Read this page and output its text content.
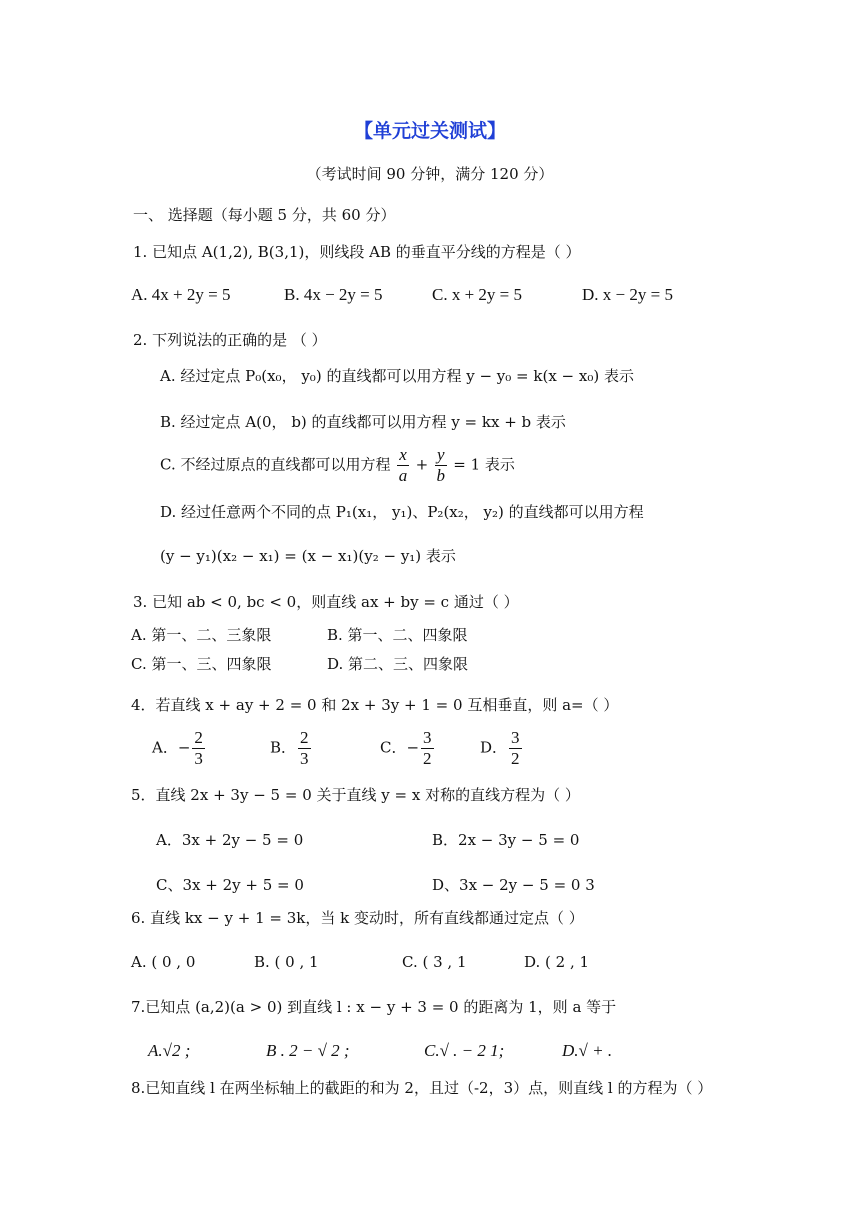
【单元过关测试】
（考试时间 90 分钟，满分 120 分）
一、 选择题（每小题 5 分，共 60 分）
1. 已知点 A(1,2), B(3,1)，则线段 AB 的垂直平分线的方程是（ ）
A. 4x + 2y = 5	B. 4x − 2y = 5	C. x + 2y = 5	D. x − 2y = 5
2. 下列说法的正确的是 （ ）
A. 经过定点 P₀(x₀， y₀) 的直线都可以用方程 y − y₀ = k(x − x₀) 表示
B. 经过定点 A(0， b) 的直线都可以用方程 y = kx + b 表示
C. 不经过原点的直线都可以用方程 $\frac{x}{a} + \frac{y}{b} = 1$ 表示
D. 经过任意两个不同的点 P₁(x₁， y₁)、P₂(x₂， y₂) 的直线都可以用方程
(y − y₁)(x₂ − x₁) = (x − x₁)(y₂ − y₁) 表示
3. 已知 ab < 0, bc < 0，则直线 ax + by = c 通过（ ）
A. 第一、二、三象限	B. 第一、二、四象限
C. 第一、三、四象限	D. 第二、三、四象限
4．若直线 x + ay + 2 = 0 和 2x + 3y + 1 = 0 互相垂直，则 a=（ ）
A．− $\frac{2}{3}$	B． $\frac{2}{3}$	C．− $\frac{3}{2}$	D． $\frac{3}{2}$
5．直线 2x + 3y − 5 = 0 关于直线 y = x 对称的直线方程为（ ）
A．3x + 2y − 5 = 0	B．2x − 3y − 5 = 0
C、3x + 2y + 5 = 0	D、3x − 2y − 5 = 0 3
6. 直线 kx − y + 1 = 3k，当 k 变动时，所有直线都通过定点（ ）
A. ( 0 , 0	B. ( 0 , 1	C. ( 3 , 1	D. ( 2 , 1
7.已知点 (a,2)(a > 0) 到直线 l : x − y + 3 = 0 的距离为 1，则 a 等于
A.√2 ;	B . 2 − √ 2 ;	C.√ . − 2 1;	D.√ + .
8.已知直线 l 在两坐标轴上的截距的和为 2，且过（-2，3）点，则直线 l 的方程为（ ）
